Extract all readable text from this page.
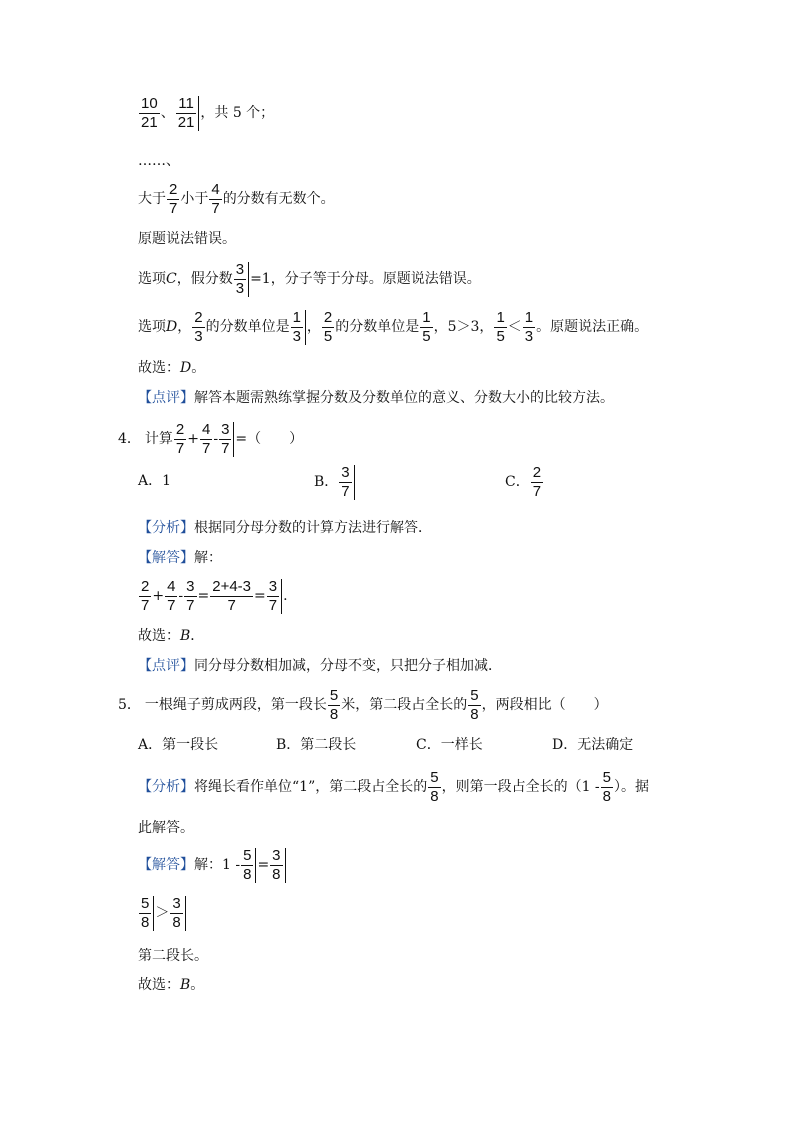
$\frac{10}{21}$ 、 $\frac{11}{21}$ ，共 5 个；
……、
大于 $\frac{2}{7}$ 小于 $\frac{4}{7}$ 的分数有无数个。
原题说法错误。
选项 C ，假分数 $\frac{3}{3} =1$，分子等于分母。原题说法错误。
选项 D ， $\frac{2}{3}$ 的分数单位是 $\frac{1}{3}$ ， $\frac{2}{5}$ 的分数单位是 $\frac{1}{5}$ ，5＞3， $\frac{1}{5} < \frac{1}{3}$ 。原题说法正确。
故选： D 。
【点评】 解答本题需熟练掌握分数及分数单位的意义、分数大小的比较方法。
4． 计算 $\frac{2}{7} + \frac{4}{7} - \frac{3}{7}$ =（　　）
A．1	B． $\frac{3}{7}$	C． $\frac{2}{7}$
【分析】 根据同分母分数的计算方法进行解答．
【解答】 解：
$\frac{2}{7} + \frac{4}{7} - \frac{3}{7} = \frac{2+4-3}{7} = \frac{3}{7}$ .
故选： B ．
【点评】 同分母分数相加减，分母不变，只把分子相加减．
5． 一根绳子剪成两段，第一段长 $\frac{5}{8}$ 米，第二段占全长的 $\frac{5}{8}$ ，两段相比（　　）
A．第一段长	B．第二段长	C．一样长	D．无法确定
【分析】 将绳长看作单位“1”，第二段占全长的 $\frac{5}{8}$ ，则第一段占全长的（$1 - \frac{5}{8}$ ）。据
此解答。
【解答】 解：$1 - \frac{5}{8} = \frac{3}{8}$
$\frac{5}{8} > \frac{3}{8}$
第二段长。
故选： B 。
